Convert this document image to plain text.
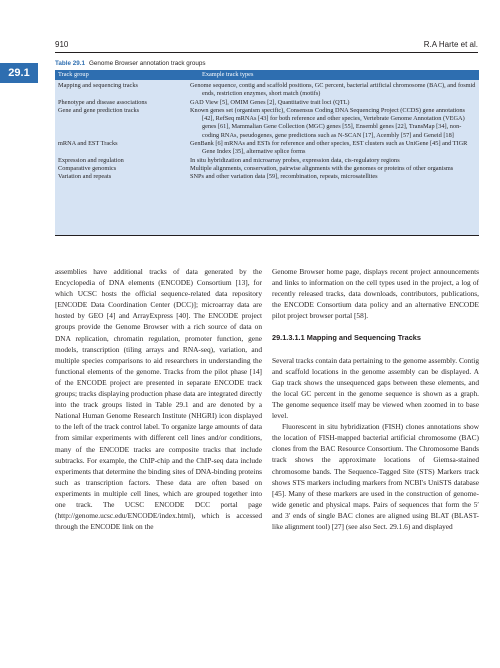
910	R.A Harte et al.
29.1
Table 29.1 Genome Browser annotation track groups
Track group	Example track types
Mapping and sequencing tracks	Genome sequence, contig and scaffold positions, GC percent, bacterial artificial chromosome (BAC), and fosmid ends, restriction enzymes, short match (motifs)
Phenotype and disease associations	GAD View [5], OMIM Genes [2], Quantitative trait loci (QTL)
Gene and gene prediction tracks	Known genes set (organism specific), Consensus Coding DNA Sequencing Project (CCDS) gene annotations [42], RefSeq mRNAs [43] for both reference and other species, Vertebrate Genome Annotation (VEGA) genes [61], Mammalian Gene Collection (MGC) genes [55], Ensembl genes [22], TransMap [34], non-coding RNAs, pseudogenes, gene predictions such as N-SCAN [17], Acembly [57] and Geneid [18]
mRNA and EST Tracks	GenBank [6] mRNAs and ESTs for reference and other species, EST clusters such as UniGene [45] and TIGR Gene Index [35], alternative splice forms
Expression and regulation	In situ hybridization and microarray probes, expression data, cis-regulatory regions
Comparative genomics	Multiple alignments, conservation, pairwise alignments with the genomes or proteins of other organisms
Variation and repeats	SNPs and other variation data [59], recombination, repeats, microsatellites

assemblies have additional tracks of data generated by the Encyclopedia of DNA elements (ENCODE) Consortium [13], for which UCSC hosts the official sequence-related data repository [ENCODE Data Coordination Center (DCC)]; microarray data are hosted by GEO [4] and ArrayExpress [40]. The ENCODE project groups provide the Genome Browser with a rich source of data on DNA replication, chromatin regulation, promoter function, gene models, transcription (tiling arrays and RNA-seq), variation, and multiple species comparisons to aid researchers in understanding the functional elements of the genome. Tracks from the pilot phase [14] of the ENCODE project are presented in separate ENCODE track groups; tracks displaying production phase data are integrated directly into the track groups listed in Table 29.1 and are denoted by a National Human Genome Research Institute (NHGRI) icon displayed to the left of the track control label. To organize large amounts of data from similar experiments with different cell lines and/or conditions, many of the ENCODE tracks are composite tracks that include subtracks. For example, the ChIP-chip and the ChIP-seq data include experiments that determine the binding sites of DNA-binding proteins such as transcription factors. These data are often based on experiments in multiple cell lines, which are grouped together into one track. The UCSC ENCODE DCC portal page (http://genome.ucsc.edu/ENCODE/index.html), which is accessed through the ENCODE link on the

Genome Browser home page, displays recent project announcements and links to information on the cell types used in the project, a log of recently released tracks, data downloads, contributors, publications, the ENCODE Consortium data policy and an alternative ENCODE pilot project browser portal [58].

29.1.3.1.1 Mapping and Sequencing Tracks

Several tracks contain data pertaining to the genome assembly. Contig and scaffold locations in the genome assembly can be displayed. A Gap track shows the unsequenced gaps between these elements, and the local GC percent in the genome sequence is shown as a graph. The genome sequence itself may be viewed when zoomed in to base level.

Fluorescent in situ hybridization (FISH) clones annotations show the location of FISH-mapped bacterial artificial chromosome (BAC) clones from the BAC Resource Consortium. The Chromosome Bands track shows the approximate locations of Giemsa-stained chromosome bands. The Sequence-Tagged Site (STS) Markers track shows STS markers including markers from NCBI's UniSTS database [45]. Many of these markers are used in the construction of genome-wide genetic and physical maps. Pairs of sequences that form the 5′ and 3′ ends of single BAC clones are aligned using BLAT (BLAST-like alignment tool) [27] (see also Sect. 29.1.6) and displayed
